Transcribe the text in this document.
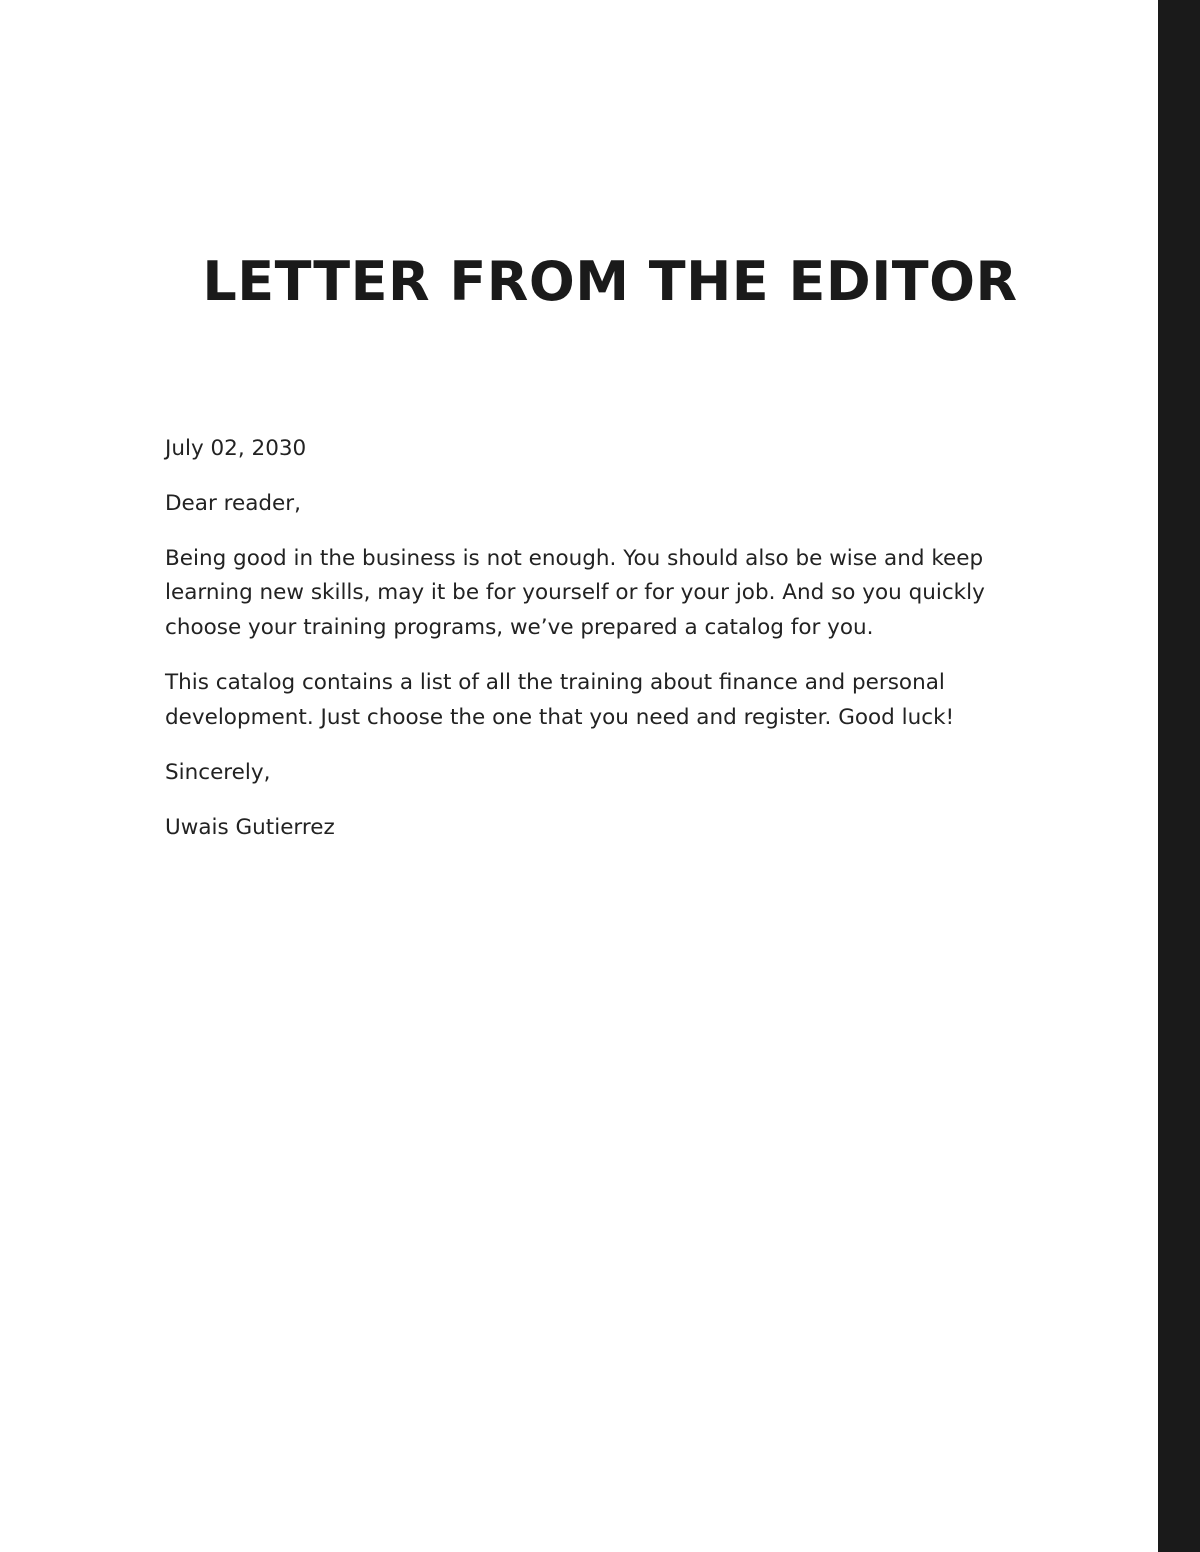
LETTER FROM THE EDITOR

July 02, 2030

Dear reader,

Being good in the business is not enough. You should also be wise and keep learning new skills, may it be for yourself or for your job. And so you quickly choose your training programs, we’ve prepared a catalog for you.

This catalog contains a list of all the training about finance and personal development. Just choose the one that you need and register. Good luck!

Sincerely,

Uwais Gutierrez
